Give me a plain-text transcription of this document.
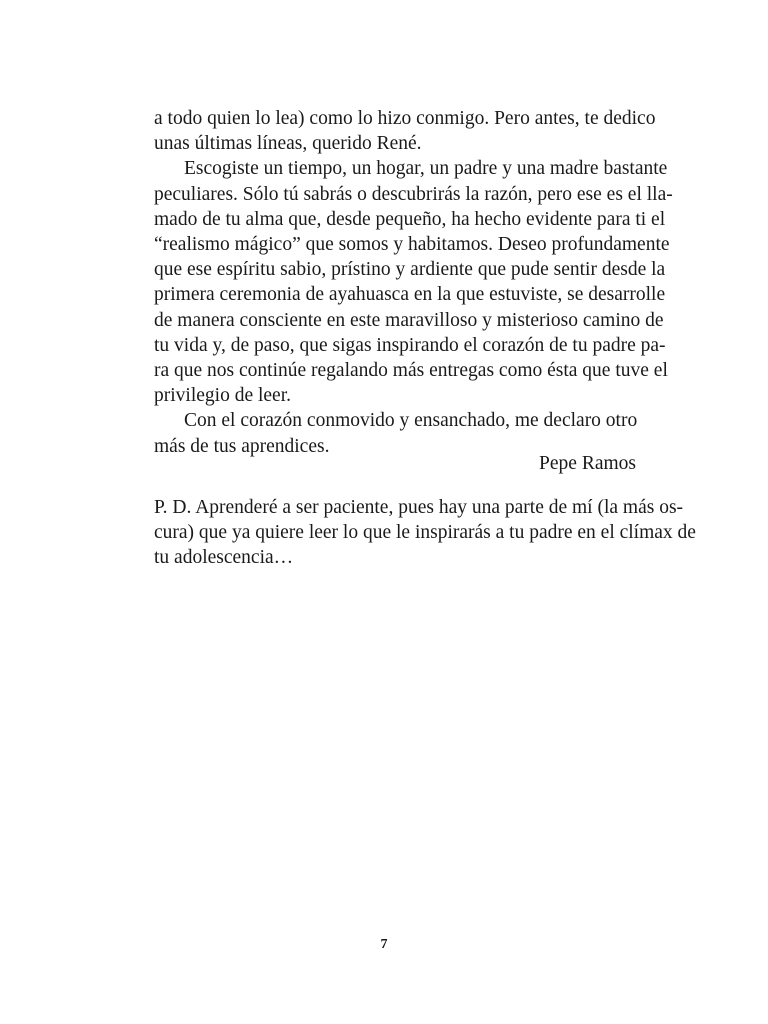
a todo quien lo lea) como lo hizo conmigo. Pero antes, te dedico
unas últimas líneas, querido René.
Escogiste un tiempo, un hogar, un padre y una madre bastante
peculiares. Sólo tú sabrás o descubrirás la razón, pero ese es el lla-
mado de tu alma que, desde pequeño, ha hecho evidente para ti el
“realismo mágico” que somos y habitamos. Deseo profundamente
que ese espíritu sabio, prístino y ardiente que pude sentir desde la
primera ceremonia de ayahuasca en la que estuviste, se desarrolle
de manera consciente en este maravilloso y misterioso camino de
tu vida y, de paso, que sigas inspirando el corazón de tu padre pa-
ra que nos continúe regalando más entregas como ésta que tuve el
privilegio de leer.
Con el corazón conmovido y ensanchado, me declaro otro
más de tus aprendices.
Pepe Ramos
P. D. Aprenderé a ser paciente, pues hay una parte de mí (la más os-
cura) que ya quiere leer lo que le inspirarás a tu padre en el clímax de
tu adolescencia…
7
